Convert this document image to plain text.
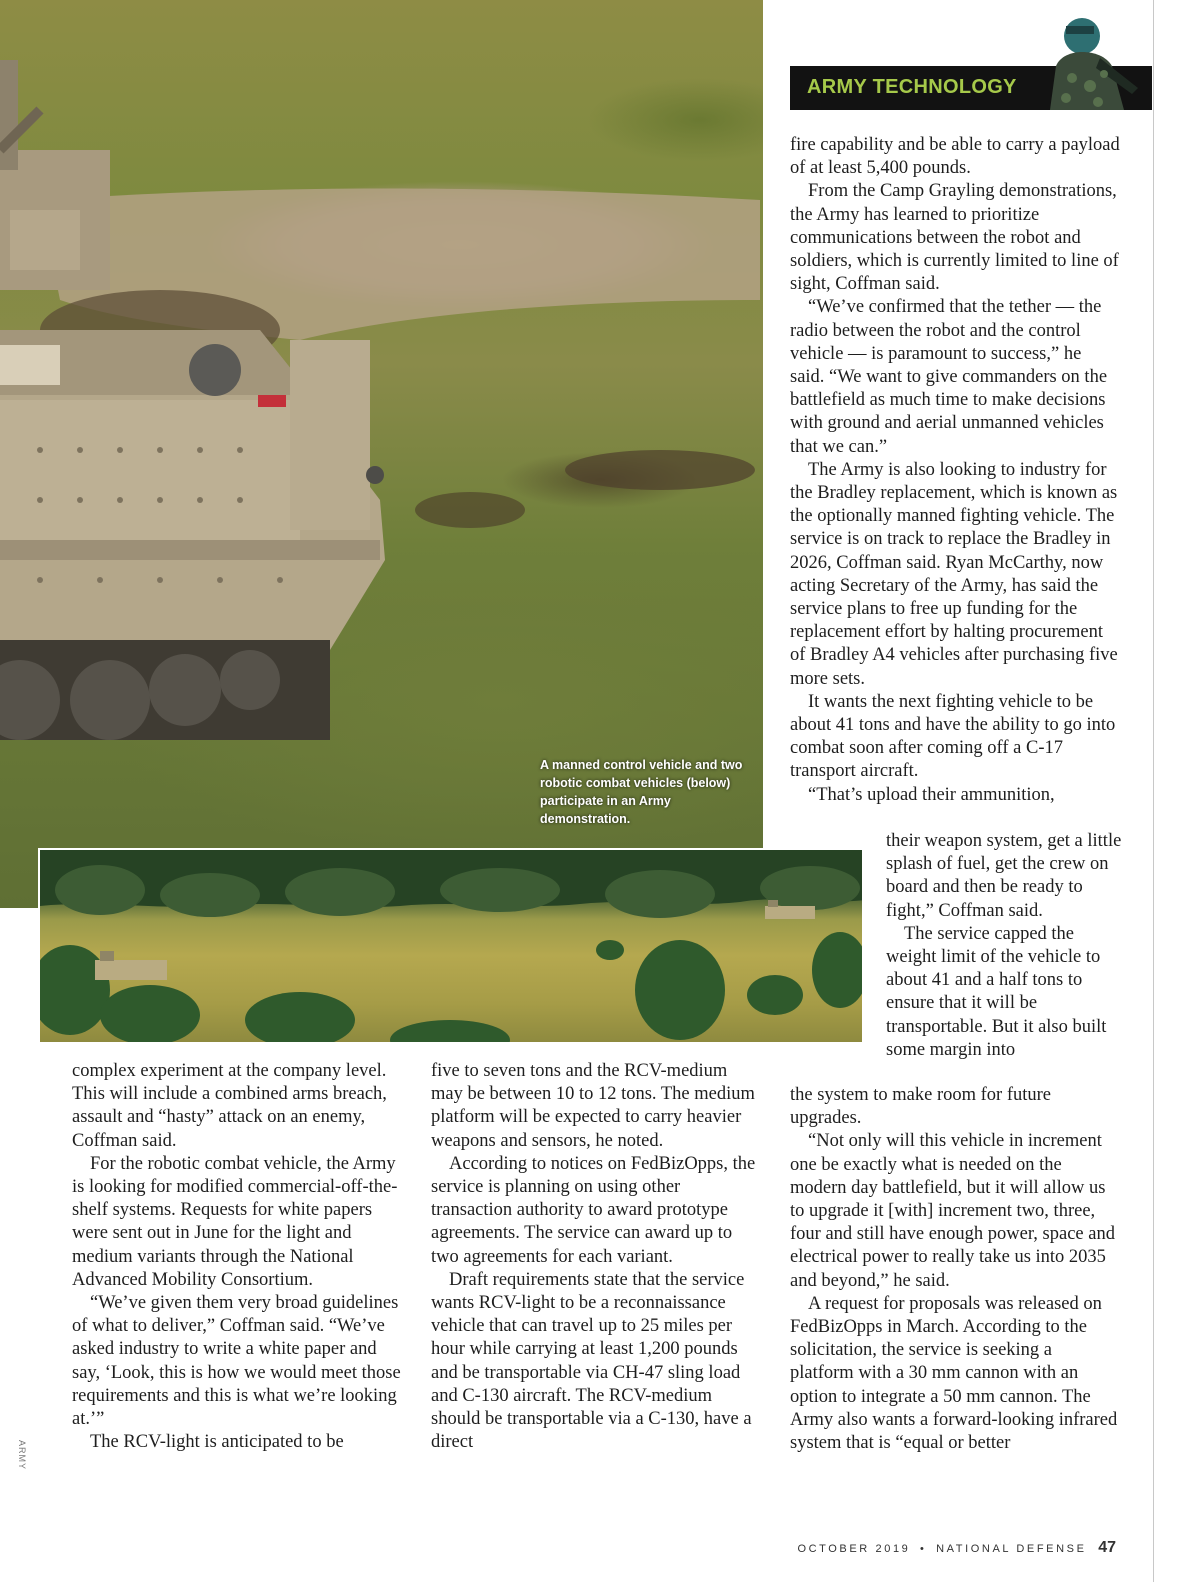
A manned control vehicle and two robotic combat vehicles (below) participate in an Army demonstration.

ARMY TECHNOLOGY

fire capability and be able to carry a payload of at least 5,400 pounds.

From the Camp Grayling demonstrations, the Army has learned to prioritize communications between the robot and soldiers, which is currently limited to line of sight, Coffman said.

“We’ve confirmed that the tether — the radio between the robot and the control vehicle — is paramount to success,” he said. “We want to give commanders on the battlefield as much time to make decisions with ground and aerial unmanned vehicles that we can.”

The Army is also looking to industry for the Bradley replacement, which is known as the optionally manned fighting vehicle. The service is on track to replace the Bradley in 2026, Coffman said. Ryan McCarthy, now acting Secretary of the Army, has said the service plans to free up funding for the replacement effort by halting procurement of Bradley A4 vehicles after purchasing five more sets.

It wants the next fighting vehicle to be about 41 tons and have the ability to go into combat soon after coming off a C-17 transport aircraft.

“That’s upload their ammunition,

their weapon system, get a little splash of fuel, get the crew on board and then be ready to fight,” Coffman said.

The service capped the weight limit of the vehicle to about 41 and a half tons to ensure that it will be transportable. But it also built some margin into

the system to make room for future upgrades.

“Not only will this vehicle in increment one be exactly what is needed on the modern day battlefield, but it will allow us to upgrade it [with] increment two, three, four and still have enough power, space and electrical power to really take us into 2035 and beyond,” he said.

A request for proposals was released on FedBizOpps in March. According to the solicitation, the service is seeking a platform with a 30 mm cannon with an option to integrate a 50 mm cannon. The Army also wants a forward-looking infrared system that is “equal or better

complex experiment at the company level. This will include a combined arms breach, assault and “hasty” attack on an enemy, Coffman said.

For the robotic combat vehicle, the Army is looking for modified commercial-off-the-shelf systems. Requests for white papers were sent out in June for the light and medium variants through the National Advanced Mobility Consortium.

“We’ve given them very broad guidelines of what to deliver,” Coffman said. “We’ve asked industry to write a white paper and say, ‘Look, this is how we would meet those requirements and this is what we’re looking at.’”

The RCV-light is anticipated to be

five to seven tons and the RCV-medium may be between 10 to 12 tons. The medium platform will be expected to carry heavier weapons and sensors, he noted.

According to notices on FedBizOpps, the service is planning on using other transaction authority to award prototype agreements. The service can award up to two agreements for each variant.

Draft requirements state that the service wants RCV-light to be a reconnaissance vehicle that can travel up to 25 miles per hour while carrying at least 1,200 pounds and be transportable via CH-47 sling load and C-130 aircraft. The RCV-medium should be transportable via a C-130, have a direct

ARMY

OCTOBER 2019 • NATIONAL DEFENSE 47
